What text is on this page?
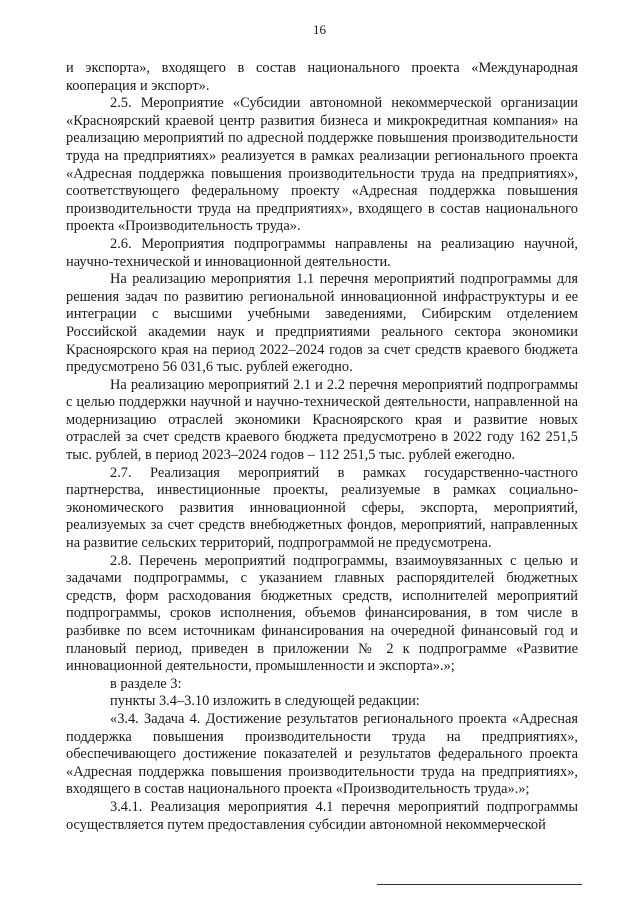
16

и экспорта», входящего в состав национального проекта «Международная кооперация и экспорт».

2.5. Мероприятие «Субсидии автономной некоммерческой организации «Красноярский краевой центр развития бизнеса и микрокредитная компания» на реализацию мероприятий по адресной поддержке повышения производительности труда на предприятиях» реализуется в рамках реализации регионального проекта «Адресная поддержка повышения производительности труда на предприятиях», соответствующего федеральному проекту «Адресная поддержка повышения производительности труда на предприятиях», входящего в состав национального проекта «Производительность труда».

2.6. Мероприятия подпрограммы направлены на реализацию научной, научно-технической и инновационной деятельности.

На реализацию мероприятия 1.1 перечня мероприятий подпрограммы для решения задач по развитию региональной инновационной инфраструктуры и ее интеграции с высшими учебными заведениями, Сибирским отделением Российской академии наук и предприятиями реального сектора экономики Красноярского края на период 2022–2024 годов за счет средств краевого бюджета предусмотрено 56 031,6 тыс. рублей ежегодно.

На реализацию мероприятий 2.1 и 2.2 перечня мероприятий подпрограммы с целью поддержки научной и научно-технической деятельности, направленной на модернизацию отраслей экономики Красноярского края и развитие новых отраслей за счет средств краевого бюджета предусмотрено в 2022 году 162 251,5 тыс. рублей, в период 2023–2024 годов – 112 251,5 тыс. рублей ежегодно.

2.7. Реализация мероприятий в рамках государственно-частного партнерства, инвестиционные проекты, реализуемые в рамках социально-экономического развития инновационной сферы, экспорта, мероприятий, реализуемых за счет средств внебюджетных фондов, мероприятий, направленных на развитие сельских территорий, подпрограммой не предусмотрена.

2.8. Перечень мероприятий подпрограммы, взаимоувязанных с целью и задачами подпрограммы, с указанием главных распорядителей бюджетных средств, форм расходования бюджетных средств, исполнителей мероприятий подпрограммы, сроков исполнения, объемов финансирования, в том числе в разбивке по всем источникам финансирования на очередной финансовый год и плановый период, приведен в приложении № 2 к подпрограмме «Развитие инновационной деятельности, промышленности и экспорта».»;

в разделе 3:

пункты 3.4–3.10 изложить в следующей редакции:

«3.4. Задача 4. Достижение результатов регионального проекта «Адресная поддержка повышения производительности труда на предприятиях», обеспечивающего достижение показателей и результатов федерального проекта «Адресная поддержка повышения производительности труда на предприятиях», входящего в состав национального проекта «Производительность труда».»;

3.4.1. Реализация мероприятия 4.1 перечня мероприятий подпрограммы осуществляется путем предоставления субсидии автономной некоммерческой
